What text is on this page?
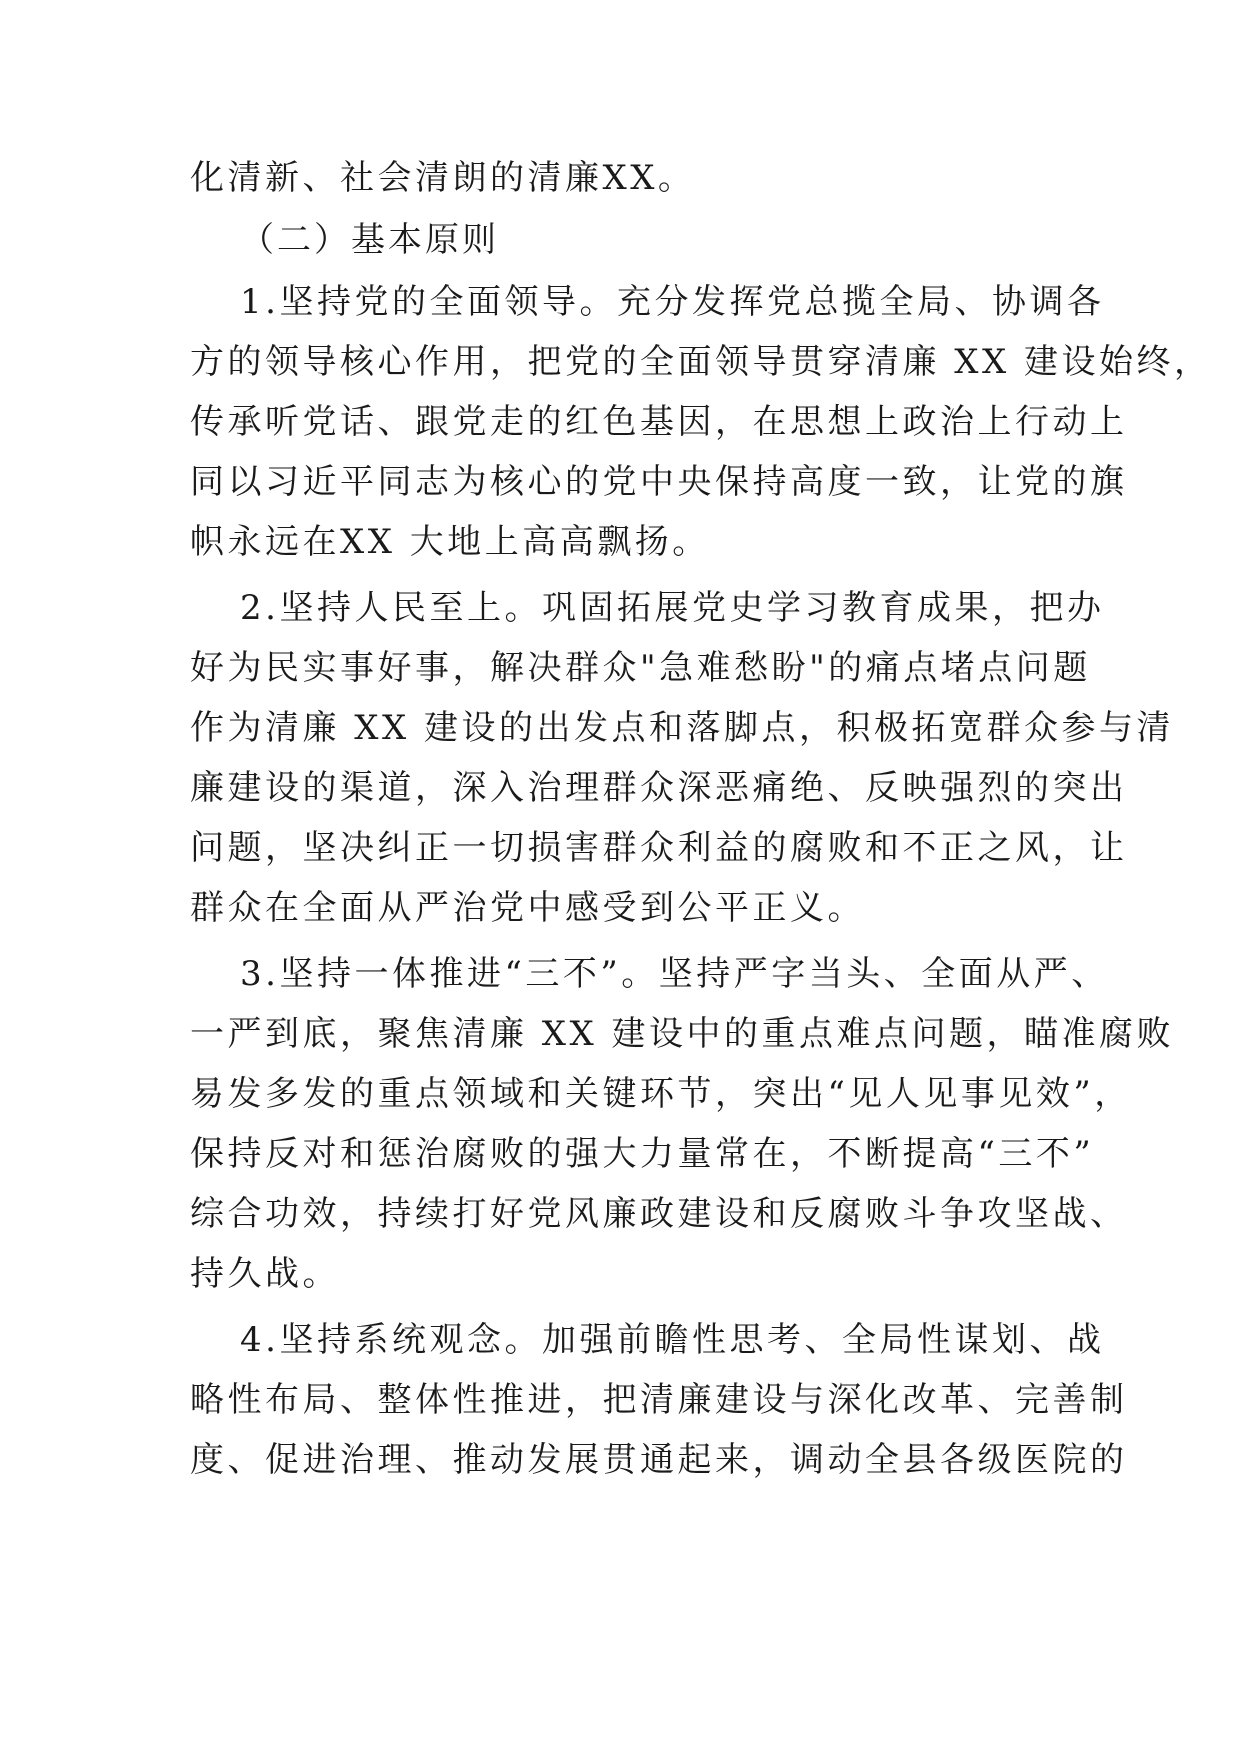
化清新、社会清朗的清廉XX。
（二）基本原则
1.坚持党的全面领导。充分发挥党总揽全局、协调各
方的领导核心作用，把党的全面领导贯穿清廉 XX 建设始终，
传承听党话、跟党走的红色基因，在思想上政治上行动上
同以习近平同志为核心的党中央保持高度一致，让党的旗
帜永远在XX 大地上高高飘扬。
2.坚持人民至上。巩固拓展党史学习教育成果，把办
好为民实事好事，解决群众"急难愁盼"的痛点堵点问题
作为清廉 XX 建设的出发点和落脚点，积极拓宽群众参与清
廉建设的渠道，深入治理群众深恶痛绝、反映强烈的突出
问题，坚决纠正一切损害群众利益的腐败和不正之风，让
群众在全面从严治党中感受到公平正义。
3.坚持一体推进“三不”。坚持严字当头、全面从严、
一严到底，聚焦清廉 XX 建设中的重点难点问题，瞄准腐败
易发多发的重点领域和关键环节，突出“见人见事见效”，
保持反对和惩治腐败的强大力量常在，不断提高“三不”
综合功效，持续打好党风廉政建设和反腐败斗争攻坚战、
持久战。
4.坚持系统观念。加强前瞻性思考、全局性谋划、战
略性布局、整体性推进，把清廉建设与深化改革、完善制
度、促进治理、推动发展贯通起来，调动全县各级医院的
